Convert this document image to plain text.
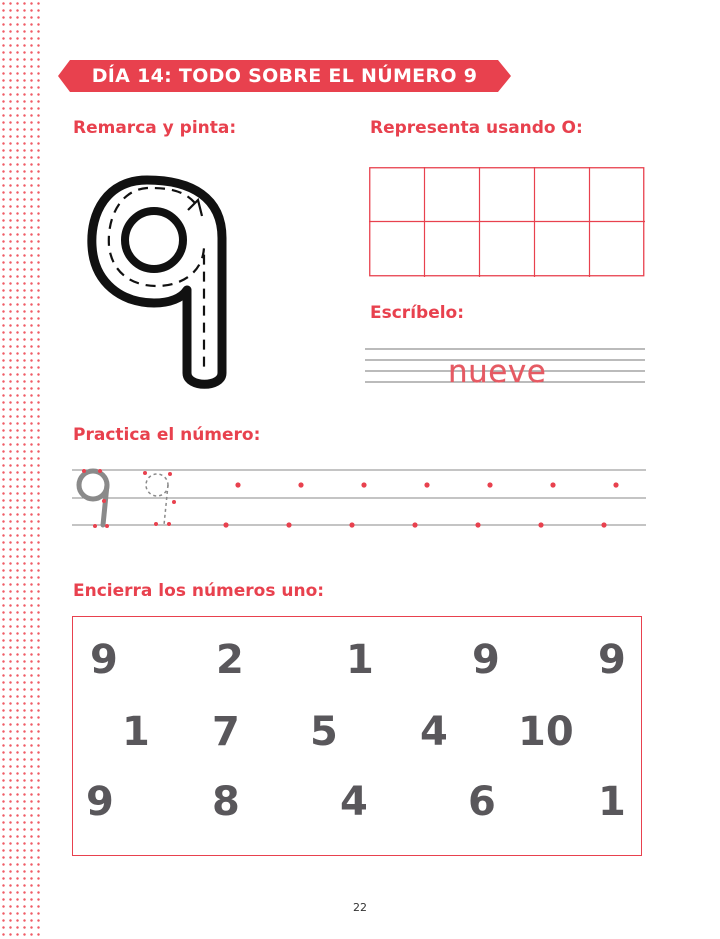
DÍA 14: TODO SOBRE EL NÚMERO 9
Remarca y pinta:	Representa usando O:
Escríbelo:
Practica el número:
Encierra los números uno:
nueve
9 2	1 9 9
1 7 5 4 10
9 8	4	6	1
22
